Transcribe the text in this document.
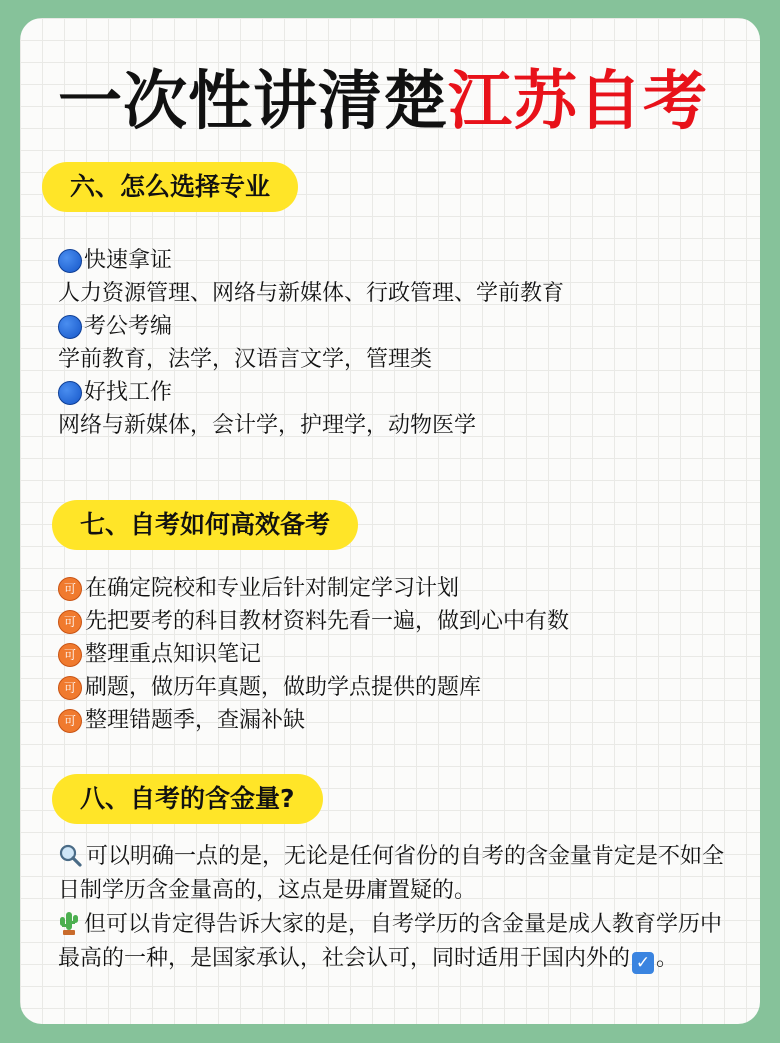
一次性讲清楚江苏自考
六、怎么选择专业
快速拿证
人力资源管理、网络与新媒体、行政管理、学前教育
考公考编
学前教育，法学，汉语言文学，管理类
好找工作
网络与新媒体，会计学，护理学，动物医学
七、自考如何高效备考
可 在确定院校和专业后针对制定学习计划
可 先把要考的科目教材资料先看一遍，做到心中有数
可 整理重点知识笔记
可 刷题，做历年真题，做助学点提供的题库
可 整理错题季，查漏补缺
八、自考的含金量?
可以明确一点的是，无论是任何省份的自考的含金量肯定是不如全日制学历含金量高的，这点是毋庸置疑的。
但可以肯定得告诉大家的是，自考学历的含金量是成人教育学历中最高的一种，是国家承认，社会认可，同时适用于国内外的 ✓ 。
